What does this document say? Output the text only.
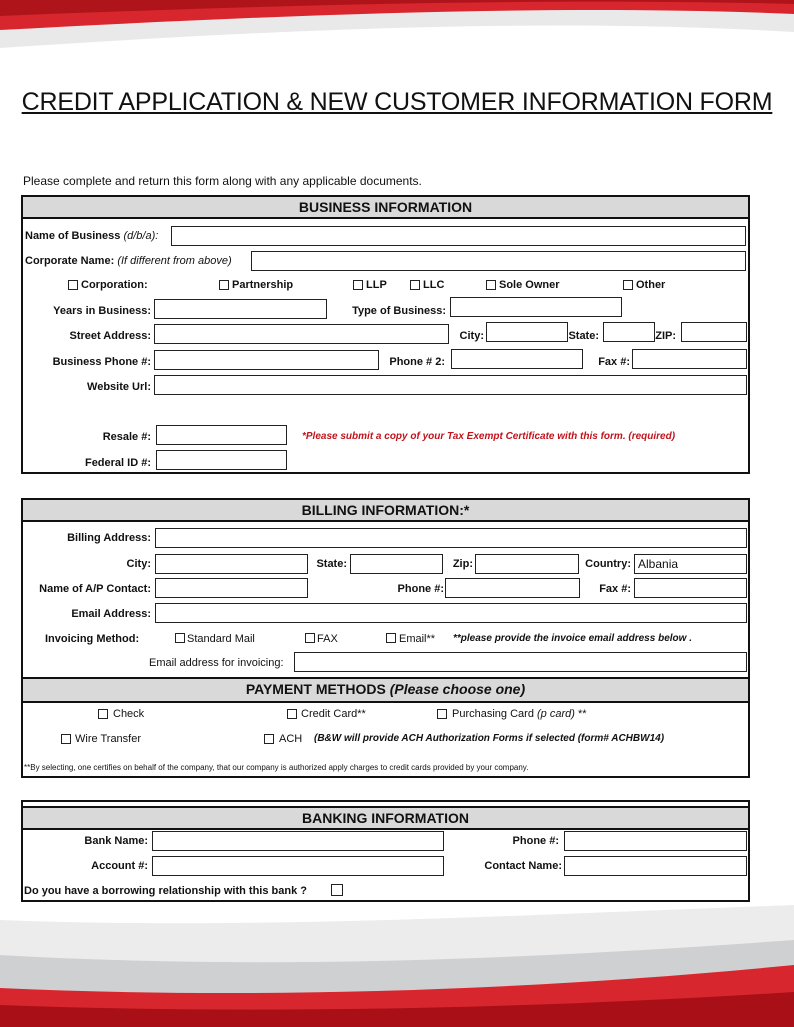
CREDIT APPLICATION & NEW CUSTOMER INFORMATION FORM
Please complete and return this form along with any applicable documents.
BUSINESS INFORMATION
Name of Business (d/b/a):
Corporate Name: (If different from above)
Corporation:	Partnership	LLP	LLC	Sole Owner	Other
Years in Business:	Type of Business:
Street Address:	City:	State:	ZIP:
Business Phone #:	Phone # 2:	Fax #:
Website Url:
Resale #:	*Please submit a copy of your Tax Exempt Certificate with this form. (required)
Federal ID #:
BILLING INFORMATION:*
Billing Address:
City:	State:	Zip:	Country: Albania
Name of A/P Contact:	Phone #:	Fax #:
Email Address:
Invoicing Method:	Standard Mail	FAX	Email** **please provide the invoice email address below .
Email address for invoicing:
PAYMENT METHODS (Please choose one)
Check	Credit Card**	Purchasing Card (p card) **
Wire Transfer	ACH (B&W will provide ACH Authorization Forms if selected (form# ACHBW14)
**By selecting, one certifies on behalf of the company, that our company is authorized apply charges to credit cards provided by your company.
BANKING INFORMATION
Bank Name:	Phone #:
Account #:	Contact Name:
Do you have a borrowing relationship with this bank ?
